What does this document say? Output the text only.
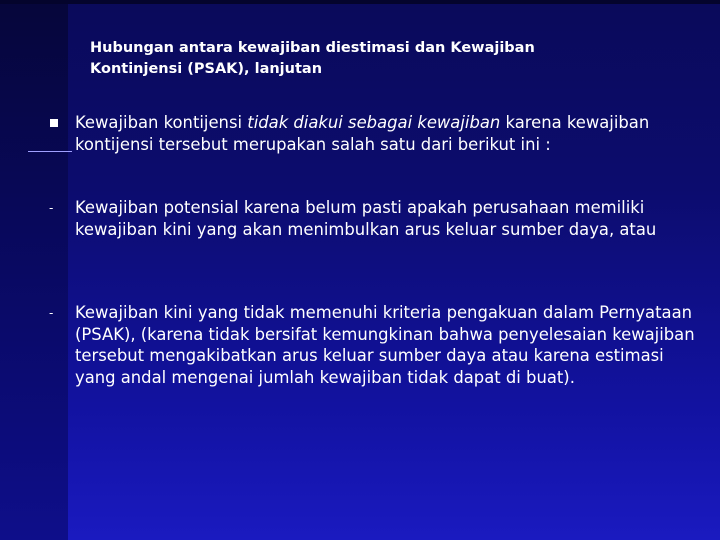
Hubungan antara kewajiban diestimasi dan Kewajiban
Kontinjensi (PSAK), lanjutan
Kewajiban kontijensi tidak diakui sebagai kewajiban karena kewajiban kontijensi tersebut merupakan salah satu dari berikut ini :
-	Kewajiban potensial karena belum pasti apakah perusahaan memiliki kewajiban kini yang akan menimbulkan arus keluar sumber daya, atau
-	Kewajiban kini yang tidak memenuhi kriteria pengakuan dalam Pernyataan (PSAK), (karena tidak bersifat kemungkinan bahwa penyelesaian kewajiban tersebut mengakibatkan arus keluar sumber daya atau karena estimasi yang andal mengenai jumlah kewajiban tidak dapat di buat).
